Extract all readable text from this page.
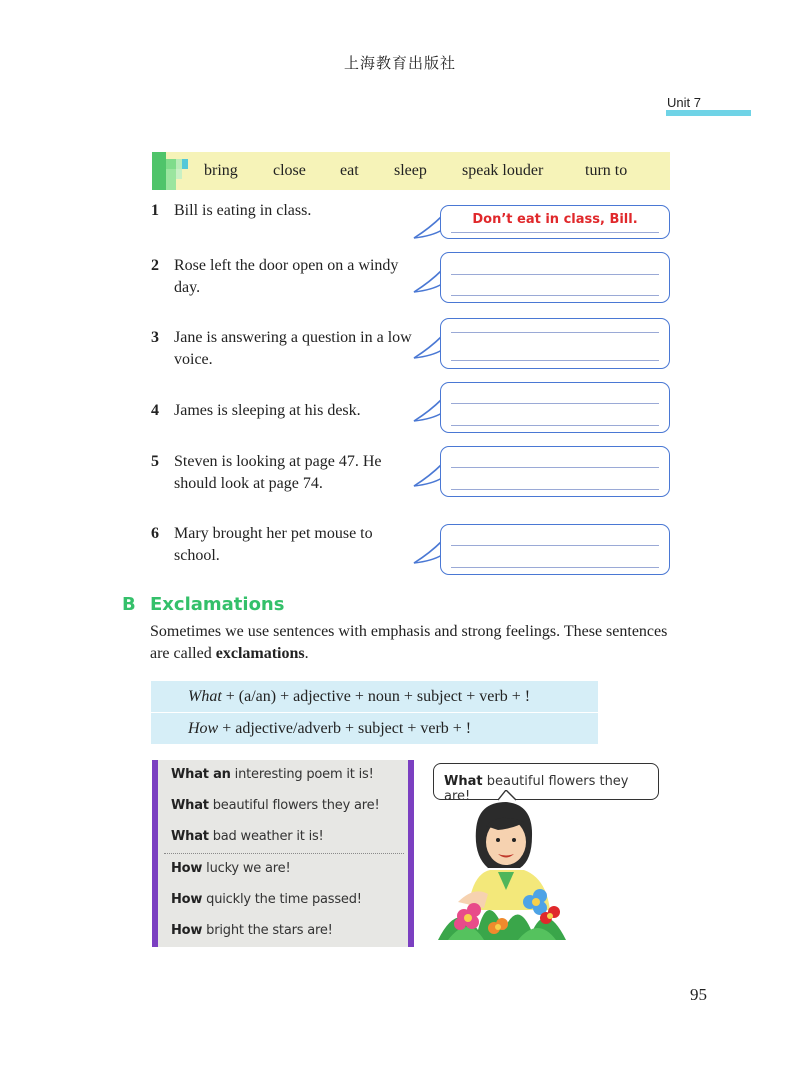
上海教育出版社
Unit 7
bring close eat sleep speak louder	turn to
1 Bill is eating in class.
Don’t eat in class, Bill.
2 Rose left the door open on a windy day.
3 Jane is answering a question in a low voice.
4 James is sleeping at his desk.
5 Steven is looking at page 47. He should look at page 74.
6 Mary brought her pet mouse to school.
B Exclamations
Sometimes we use sentences with emphasis and strong feelings. These sentences are called exclamations.
What + (a/an) + adjective + noun + subject + verb + !
How + adjective/adverb + subject + verb + !
What an interesting poem it is!
What beautiful flowers they are!
What bad weather it is!
How lucky we are!
How quickly the time passed!
How bright the stars are!
What beautiful flowers they are!
95
